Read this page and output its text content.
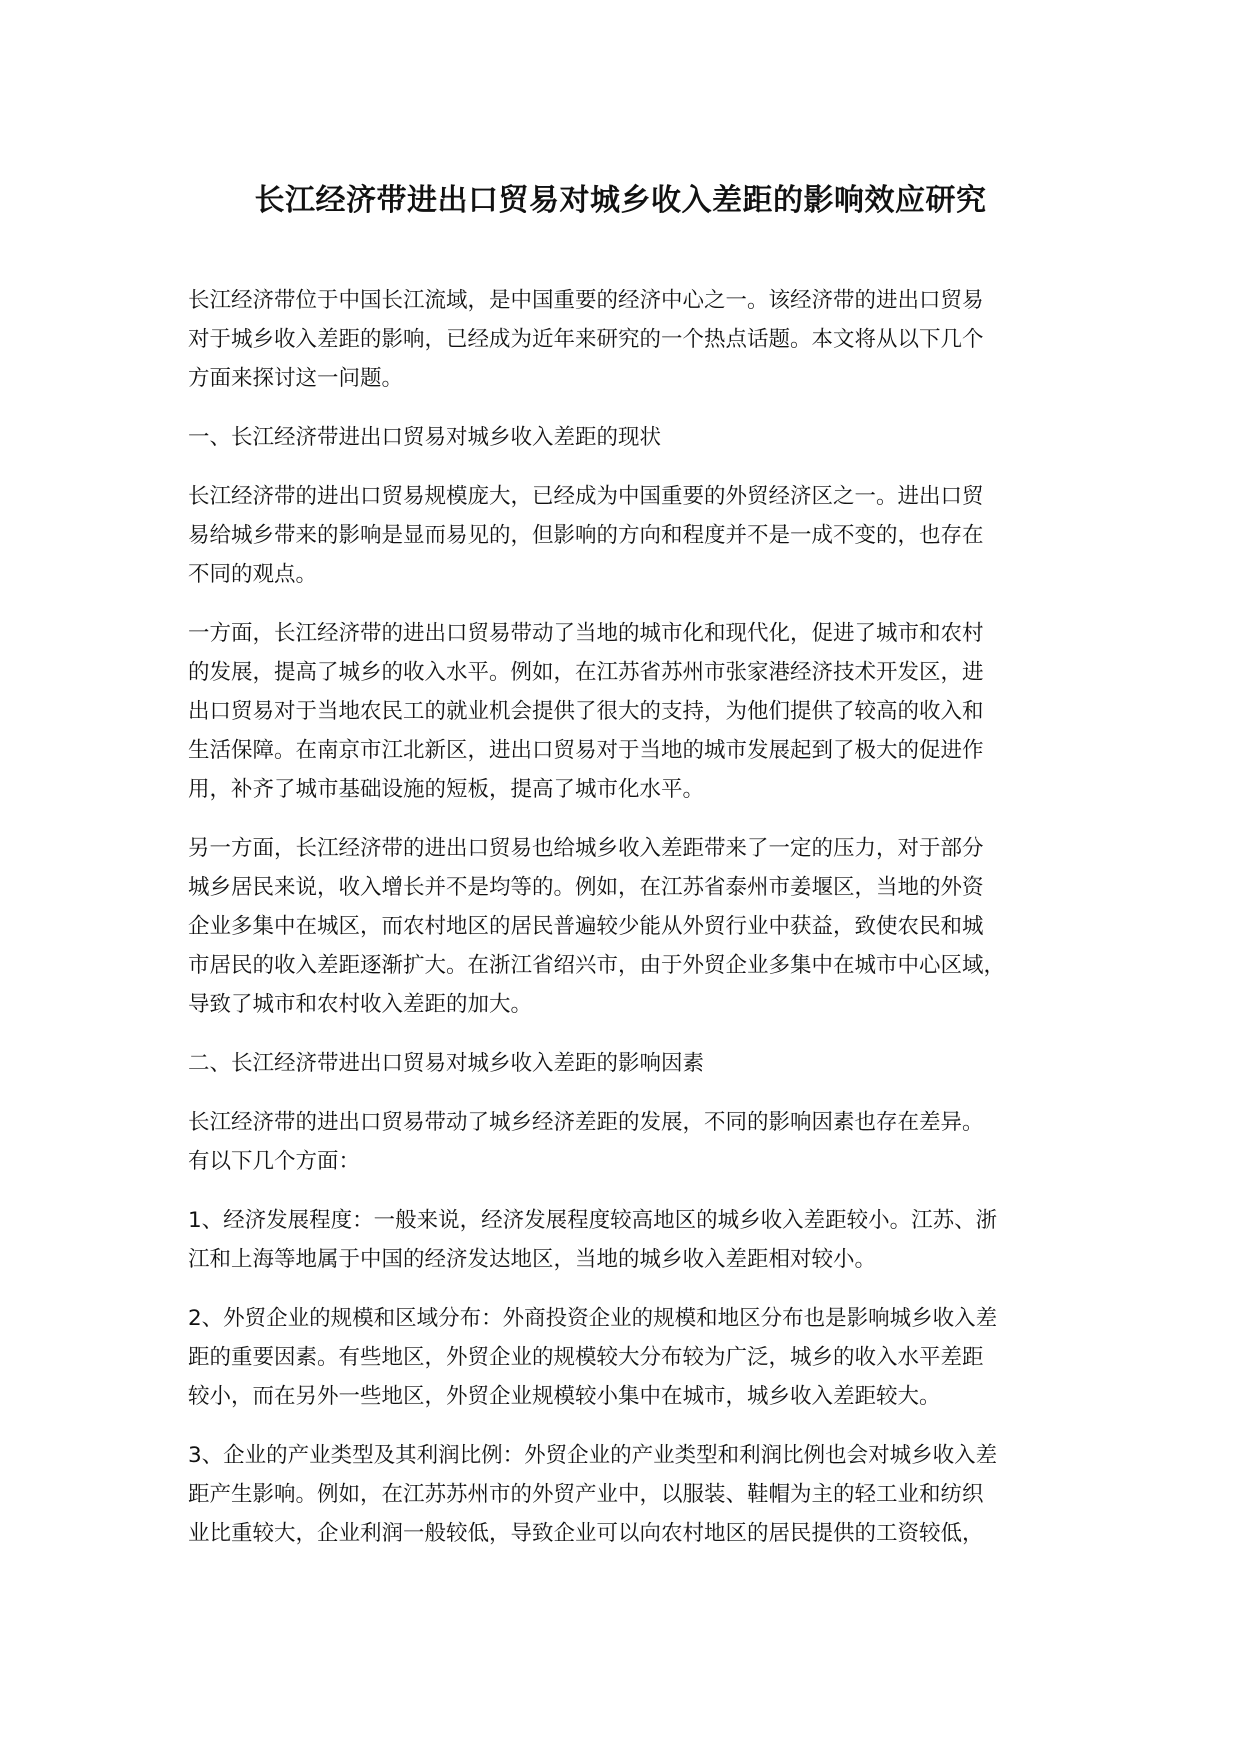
长江经济带进出口贸易对城乡收入差距的影响效应研究
长江经济带位于中国长江流域，是中国重要的经济中心之一。该经济带的进出口贸易
对于城乡收入差距的影响，已经成为近年来研究的一个热点话题。本文将从以下几个
方面来探讨这一问题。
一、长江经济带进出口贸易对城乡收入差距的现状
长江经济带的进出口贸易规模庞大，已经成为中国重要的外贸经济区之一。进出口贸
易给城乡带来的影响是显而易见的，但影响的方向和程度并不是一成不变的，也存在
不同的观点。
一方面，长江经济带的进出口贸易带动了当地的城市化和现代化，促进了城市和农村
的发展，提高了城乡的收入水平。例如，在江苏省苏州市张家港经济技术开发区，进
出口贸易对于当地农民工的就业机会提供了很大的支持，为他们提供了较高的收入和
生活保障。在南京市江北新区，进出口贸易对于当地的城市发展起到了极大的促进作
用，补齐了城市基础设施的短板，提高了城市化水平。
另一方面，长江经济带的进出口贸易也给城乡收入差距带来了一定的压力，对于部分
城乡居民来说，收入增长并不是均等的。例如，在江苏省泰州市姜堰区，当地的外资
企业多集中在城区，而农村地区的居民普遍较少能从外贸行业中获益，致使农民和城
市居民的收入差距逐渐扩大。在浙江省绍兴市，由于外贸企业多集中在城市中心区域，
导致了城市和农村收入差距的加大。
二、长江经济带进出口贸易对城乡收入差距的影响因素
长江经济带的进出口贸易带动了城乡经济差距的发展，不同的影响因素也存在差异。
有以下几个方面：
1、经济发展程度：一般来说，经济发展程度较高地区的城乡收入差距较小。江苏、浙
江和上海等地属于中国的经济发达地区，当地的城乡收入差距相对较小。
2、外贸企业的规模和区域分布：外商投资企业的规模和地区分布也是影响城乡收入差
距的重要因素。有些地区，外贸企业的规模较大分布较为广泛，城乡的收入水平差距
较小，而在另外一些地区，外贸企业规模较小集中在城市，城乡收入差距较大。
3、企业的产业类型及其利润比例：外贸企业的产业类型和利润比例也会对城乡收入差
距产生影响。例如，在江苏苏州市的外贸产业中，以服装、鞋帽为主的轻工业和纺织
业比重较大，企业利润一般较低，导致企业可以向农村地区的居民提供的工资较低，
